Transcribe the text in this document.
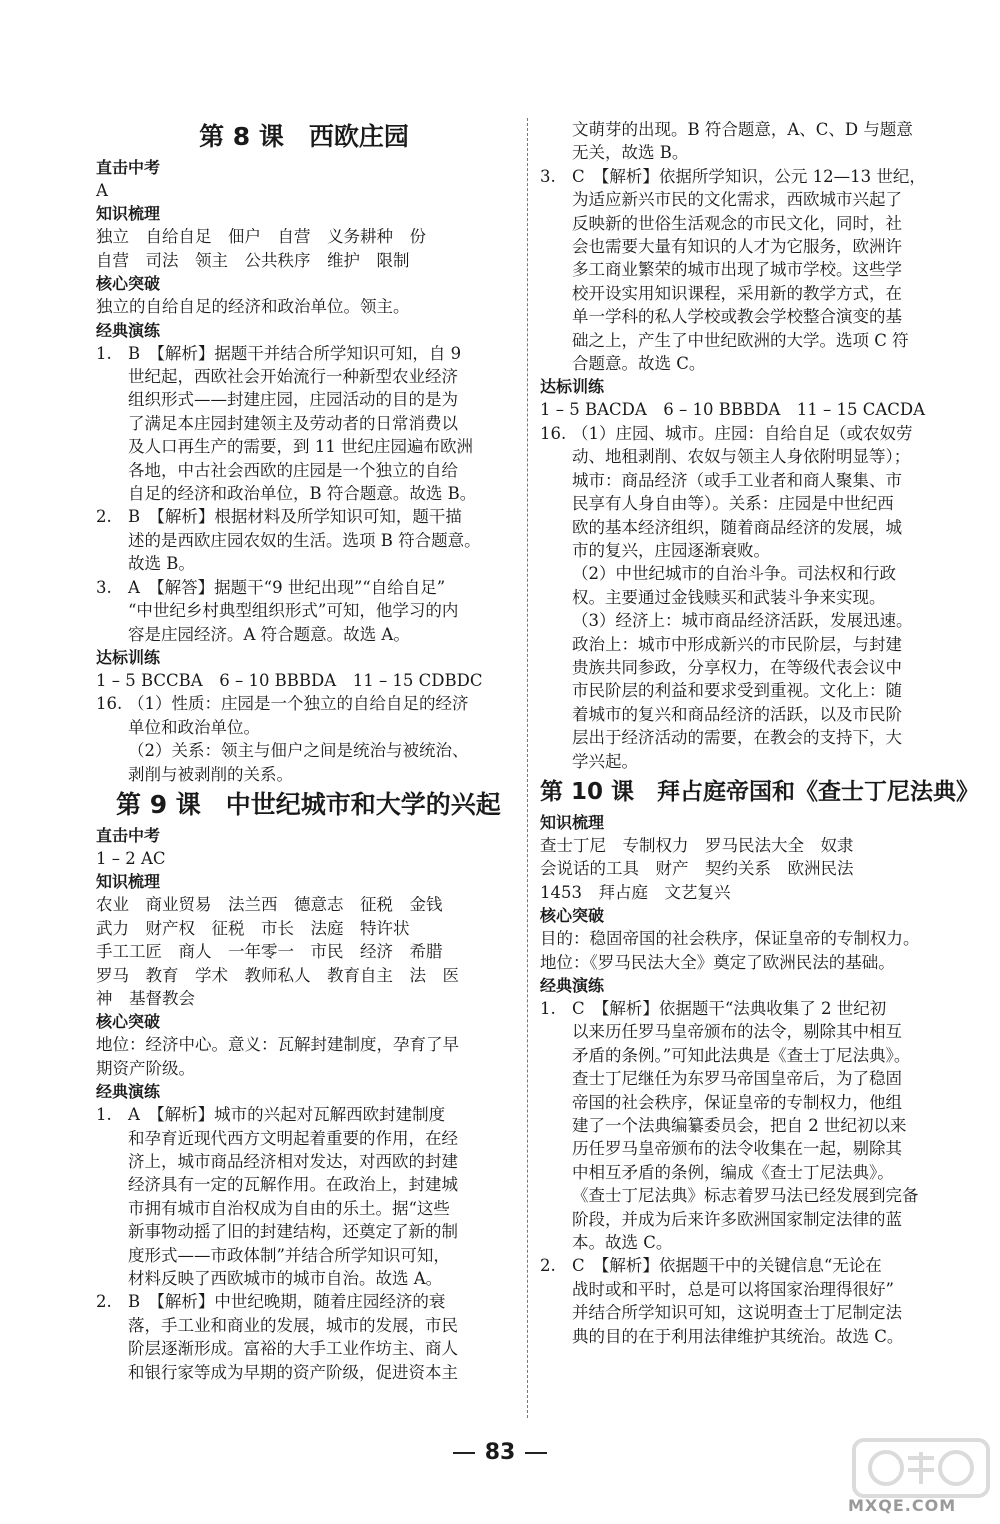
第 8 课　西欧庄园
直击中考
A
知识梳理
独立　自给自足　佃户　自营　义务耕种　份
自营　司法　领主　公共秩序　维护　限制
核心突破
独立的自给自足的经济和政治单位。领主。
经典演练
1. B　【解析】据题干并结合所学知识可知，自 9
世纪起，西欧社会开始流行一种新型农业经济
组织形式——封建庄园，庄园活动的目的是为
了满足本庄园封建领主及劳动者的日常消费以
及人口再生产的需要，到 11 世纪庄园遍布欧洲
各地，中古社会西欧的庄园是一个独立的自给
自足的经济和政治单位，B 符合题意。故选 B。
2. B　【解析】根据材料及所学知识可知，题干描
述的是西欧庄园农奴的生活。选项 B 符合题意。
故选 B。
3. A　【解答】据题干“9 世纪出现”“自给自足”
“中世纪乡村典型组织形式”可知，他学习的内
容是庄园经济。A 符合题意。故选 A。
达标训练
1 – 5 BCCBA　6 – 10 BBBDA　11 – 15 CDBDC
16. （1）性质：庄园是一个独立的自给自足的经济
单位和政治单位。
（2）关系：领主与佃户之间是统治与被统治、
剥削与被剥削的关系。
第 9 课　中世纪城市和大学的兴起
直击中考
1 – 2 AC
知识梳理
农业　商业贸易　法兰西　德意志　征税　金钱
武力　财产权　征税　市长　法庭　特许状
手工工匠　商人　一年零一　市民　经济　希腊
罗马　教育　学术　教师私人　教育自主　法　医
神　基督教会
核心突破
地位：经济中心。意义：瓦解封建制度，孕育了早
期资产阶级。
经典演练
1. A　【解析】城市的兴起对瓦解西欧封建制度
和孕育近现代西方文明起着重要的作用，在经
济上，城市商品经济相对发达，对西欧的封建
经济具有一定的瓦解作用。在政治上，封建城
市拥有城市自治权成为自由的乐土。据“这些
新事物动摇了旧的封建结构，还奠定了新的制
度形式——市政体制”并结合所学知识可知，
材料反映了西欧城市的城市自治。故选 A。
2. B　【解析】中世纪晚期，随着庄园经济的衰
落，手工业和商业的发展，城市的发展，市民
阶层逐渐形成。富裕的大手工业作坊主、商人
和银行家等成为早期的资产阶级，促进资本主
文萌芽的出现。B 符合题意，A、C、D 与题意
无关，故选 B。
3. C　【解析】依据所学知识，公元 12—13 世纪，
为适应新兴市民的文化需求，西欧城市兴起了
反映新的世俗生活观念的市民文化，同时，社
会也需要大量有知识的人才为它服务，欧洲许
多工商业繁荣的城市出现了城市学校。这些学
校开设实用知识课程，采用新的教学方式，在
单一学科的私人学校或教会学校整合演变的基
础之上，产生了中世纪欧洲的大学。选项 C 符
合题意。故选 C。
达标训练
1 – 5 BACDA　6 – 10 BBBDA　11 – 15 CACDA
16. （1）庄园、城市。庄园：自给自足（或农奴劳
动、地租剥削、农奴与领主人身依附明显等）；
城市：商品经济（或手工业者和商人聚集、市
民享有人身自由等）。关系：庄园是中世纪西
欧的基本经济组织，随着商品经济的发展，城
市的复兴，庄园逐渐衰败。
（2）中世纪城市的自治斗争。司法权和行政
权。主要通过金钱赎买和武装斗争来实现。
（3）经济上：城市商品经济活跃，发展迅速。
政治上：城市中形成新兴的市民阶层，与封建
贵族共同参政，分享权力，在等级代表会议中
市民阶层的利益和要求受到重视。文化上：随
着城市的复兴和商品经济的活跃，以及市民阶
层出于经济活动的需要，在教会的支持下，大
学兴起。
第 10 课　拜占庭帝国和《查士丁尼法典》
知识梳理
查士丁尼　专制权力　罗马民法大全　奴隶
会说话的工具　财产　契约关系　欧洲民法
1453　拜占庭　文艺复兴
核心突破
目的：稳固帝国的社会秩序，保证皇帝的专制权力。
地位：《罗马民法大全》奠定了欧洲民法的基础。
经典演练
1. C　【解析】依据题干“法典收集了 2 世纪初
以来历任罗马皇帝颁布的法令，剔除其中相互
矛盾的条例。”可知此法典是《查士丁尼法典》。
查士丁尼继任为东罗马帝国皇帝后，为了稳固
帝国的社会秩序，保证皇帝的专制权力，他组
建了一个法典编纂委员会，把自 2 世纪初以来
历任罗马皇帝颁布的法令收集在一起，剔除其
中相互矛盾的条例，编成《查士丁尼法典》。
《查士丁尼法典》标志着罗马法已经发展到完备
阶段，并成为后来许多欧洲国家制定法律的蓝
本。故选 C。
2. C　【解析】依据题干中的关键信息“无论在
战时或和平时，总是可以将国家治理得很好”
并结合所学知识可知，这说明查士丁尼制定法
典的目的在于利用法律维护其统治。故选 C。
83
MXQE.COM
